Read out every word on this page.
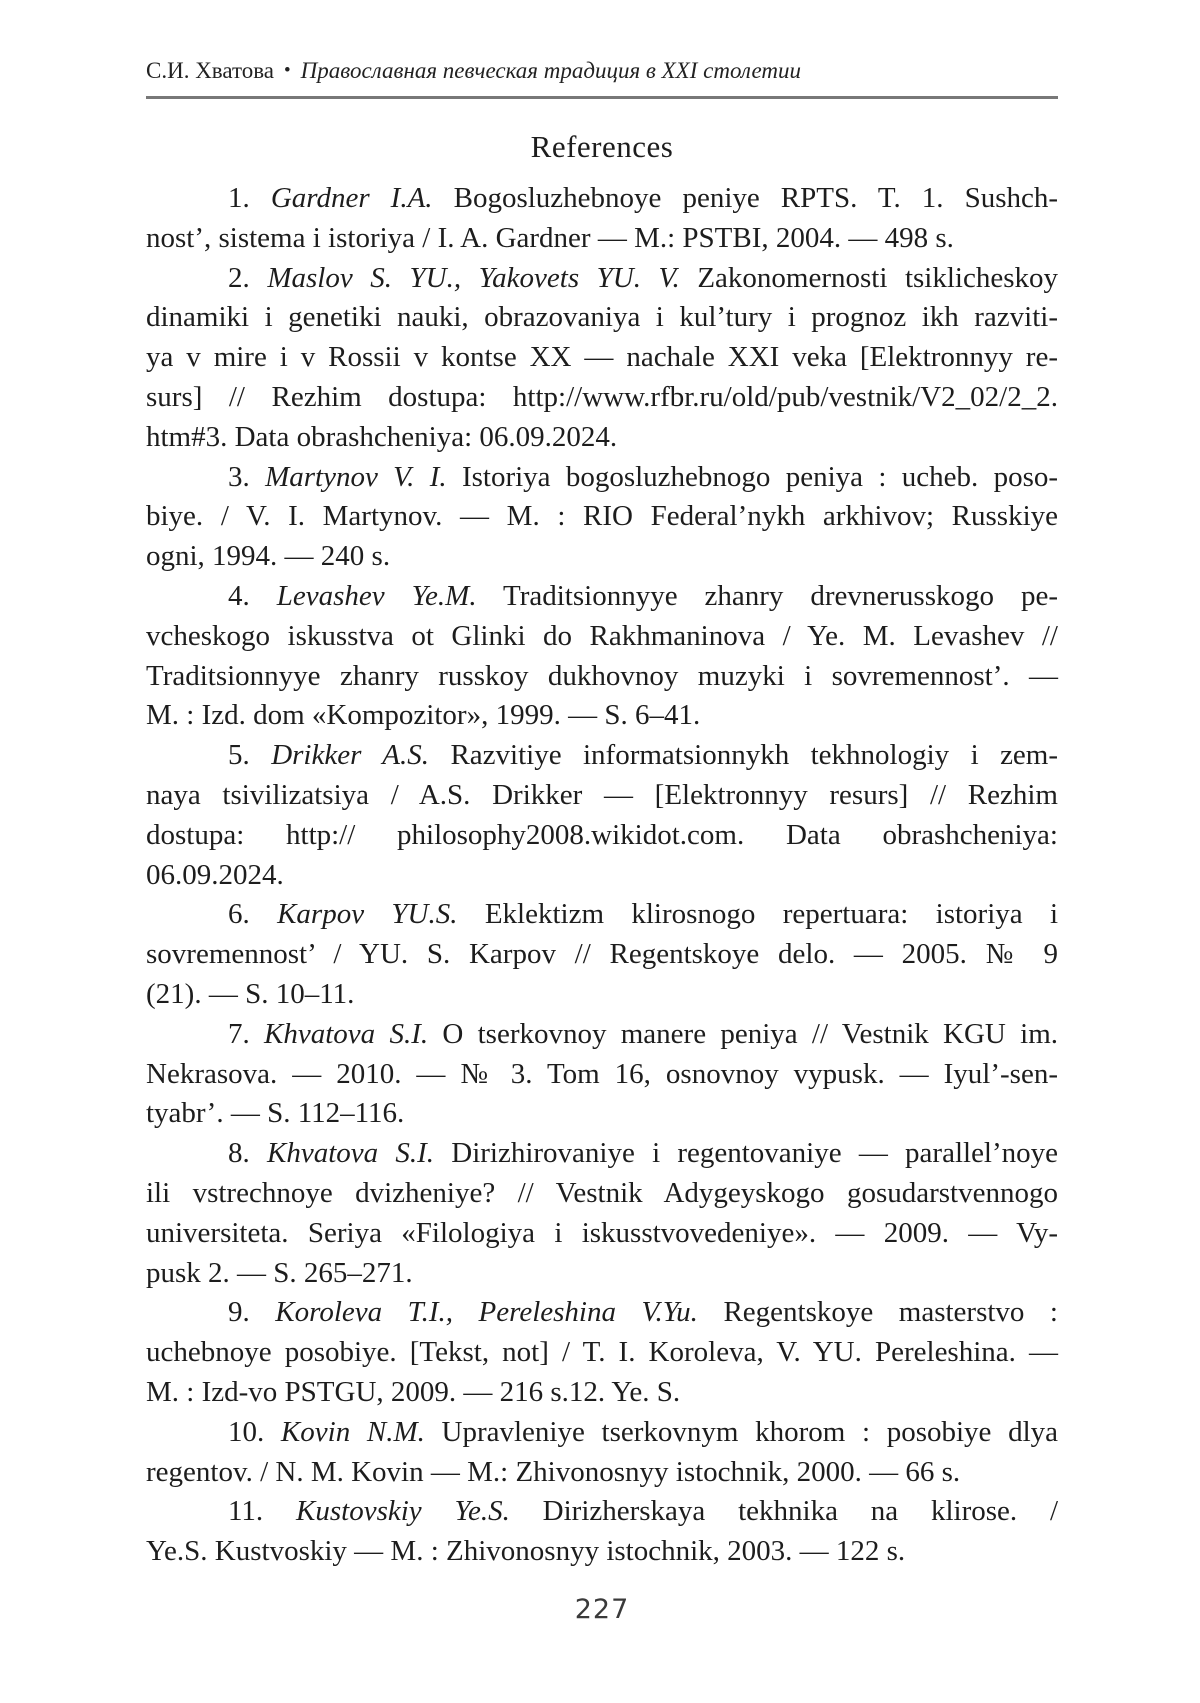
С.И. Хватова • Православная певческая традиция в XXI столетии
References
1. Gardner I.A. Bogosluzhebnoye peniye RPTS. T. 1. Sushch-
nost’, sistema i istoriya / I. A. Gardner — M.: PSTBI, 2004. — 498 s.
2. Maslov S. YU., Yakovets YU. V. Zakonomernosti tsiklicheskoy
dinamiki i genetiki nauki, obrazovaniya i kul’tury i prognoz ikh razviti-
ya v mire i v Rossii v kontse XX — nachale XXI veka [Elektronnyy re-
surs] // Rezhim dostupa: http://www.rfbr.ru/old/pub/vestnik/V2_02/2_2.
htm#3. Data obrashcheniya: 06.09.2024.
3. Martynov V. I. Istoriya bogosluzhebnogo peniya : ucheb. poso-
biye. / V. I. Martynov. — M. : RIO Federal’nykh arkhivov; Russkiye
ogni, 1994. — 240 s.
4. Levashev Ye.M. Traditsionnyye zhanry drevnerusskogo pe-
vcheskogo iskusstva ot Glinki do Rakhmaninova / Ye. M. Levashev //
Traditsionnyye zhanry russkoy dukhovnoy muzyki i sovremennost’. —
M. : Izd. dom «Kompozitor», 1999. — S. 6–41.
5. Drikker A.S. Razvitiye informatsionnykh tekhnologiy i zem-
naya tsivilizatsiya / A.S. Drikker — [Elektronnyy resurs] // Rezhim
dostupa: http:// philosophy2008.wikidot.com. Data obrashcheniya:
06.09.2024.
6. Karpov YU.S. Eklektizm klirosnogo repertuara: istoriya i
sovremennost’ / YU. S. Karpov // Regentskoye delo. — 2005. № 9
(21). — S. 10–11.
7. Khvatova S.I. O tserkovnoy manere peniya // Vestnik KGU im.
Nekrasova. — 2010. — № 3. Tom 16, osnovnoy vypusk. — Iyul’-sen-
tyabr’. — S. 112–116.
8. Khvatova S.I. Dirizhirovaniye i regentovaniye — parallel’noye
ili vstrechnoye dvizheniye? // Vestnik Adygeyskogo gosudarstvennogo
universiteta. Seriya «Filologiya i iskusstvovedeniye». — 2009. — Vy-
pusk 2. — S. 265–271.
9. Koroleva T.I., Pereleshina V.Yu. Regentskoye masterstvo :
uchebnoye posobiye. [Tekst, not] / T. I. Koroleva, V. YU. Pereleshina. —
M. : Izd-vo PSTGU, 2009. — 216 s.12. Ye. S.
10. Kovin N.M. Upravleniye tserkovnym khorom : posobiye dlya
regentov. / N. M. Kovin — M.: Zhivonosnyy istochnik, 2000. — 66 s.
11. Kustovskiy Ye.S. Dirizherskaya tekhnika na klirose. /
Ye.S. Kustvoskiy — M. : Zhivonosnyy istochnik, 2003. — 122 s.
227
